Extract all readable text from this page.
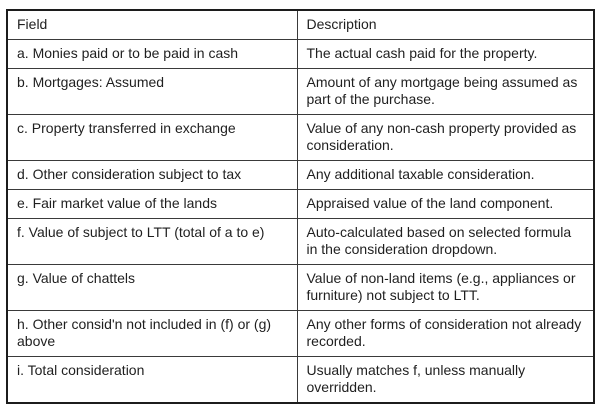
Field	Description
a. Monies paid or to be paid in cash	The actual cash paid for the property.
b. Mortgages: Assumed	Amount of any mortgage being assumed as part of the purchase.
c. Property transferred in exchange	Value of any non-cash property provided as consideration.
d. Other consideration subject to tax	Any additional taxable consideration.
e. Fair market value of the lands	Appraised value of the land component.
f. Value of subject to LTT (total of a to e)	Auto-calculated based on selected formula in the consideration dropdown.
g. Value of chattels	Value of non-land items (e.g., appliances or furniture) not subject to LTT.
h. Other consid'n not included in (f) or (g) above	Any other forms of consideration not already recorded.
i. Total consideration	Usually matches f, unless manually overridden.
